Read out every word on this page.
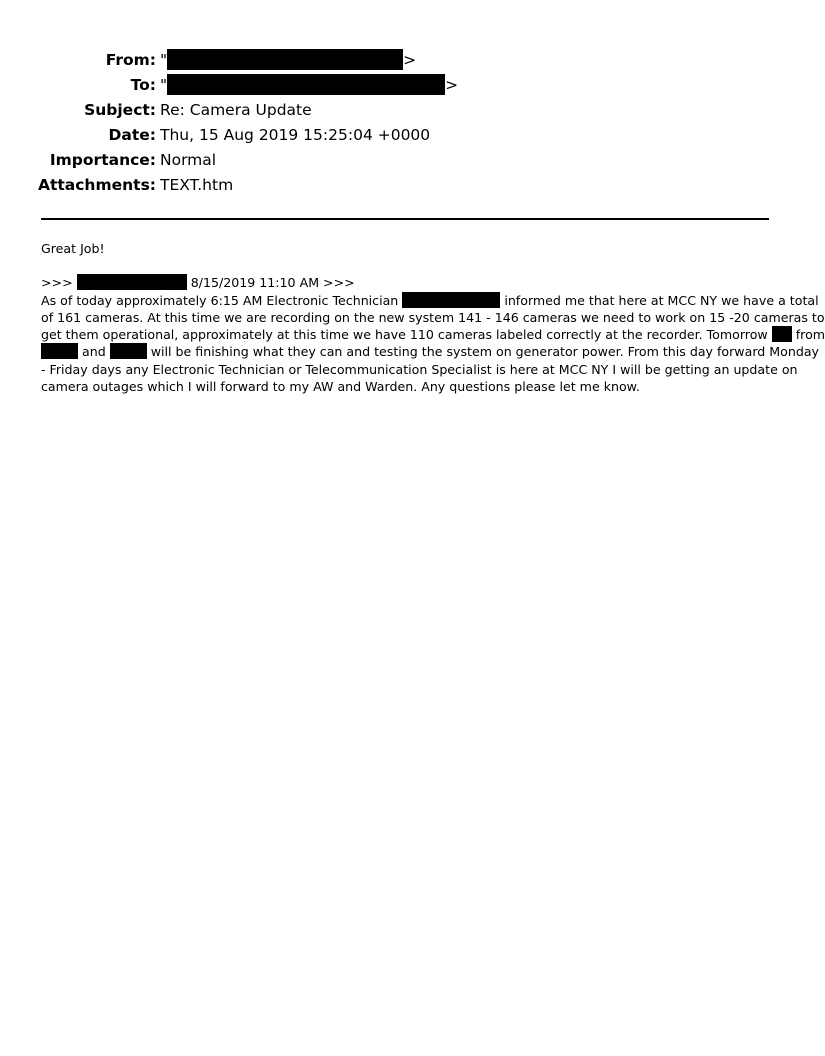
From: "	>
To: "	>
Subject: Re: Camera Update
Date: Thu, 15 Aug 2019 15:25:04 +0000
Importance: Normal
Attachments: TEXT.htm
Great Job!
>>>	8/15/2019 11:10 AM >>>
As of today approximately 6:15 AM Electronic Technician	informed me that here at MCC NY we have a total
of 161 cameras. At this time we are recording on the new system 141 - 146 cameras we need to work on 15 -20 cameras to
get them operational, approximately at this time we have 110 cameras labeled correctly at the recorder. Tomorrow from
and	will be finishing what they can and testing the system on generator power. From this day forward Monday
- Friday days any Electronic Technician or Telecommunication Specialist is here at MCC NY I will be getting an update on
camera outages which I will forward to my AW and Warden. Any questions please let me know.
